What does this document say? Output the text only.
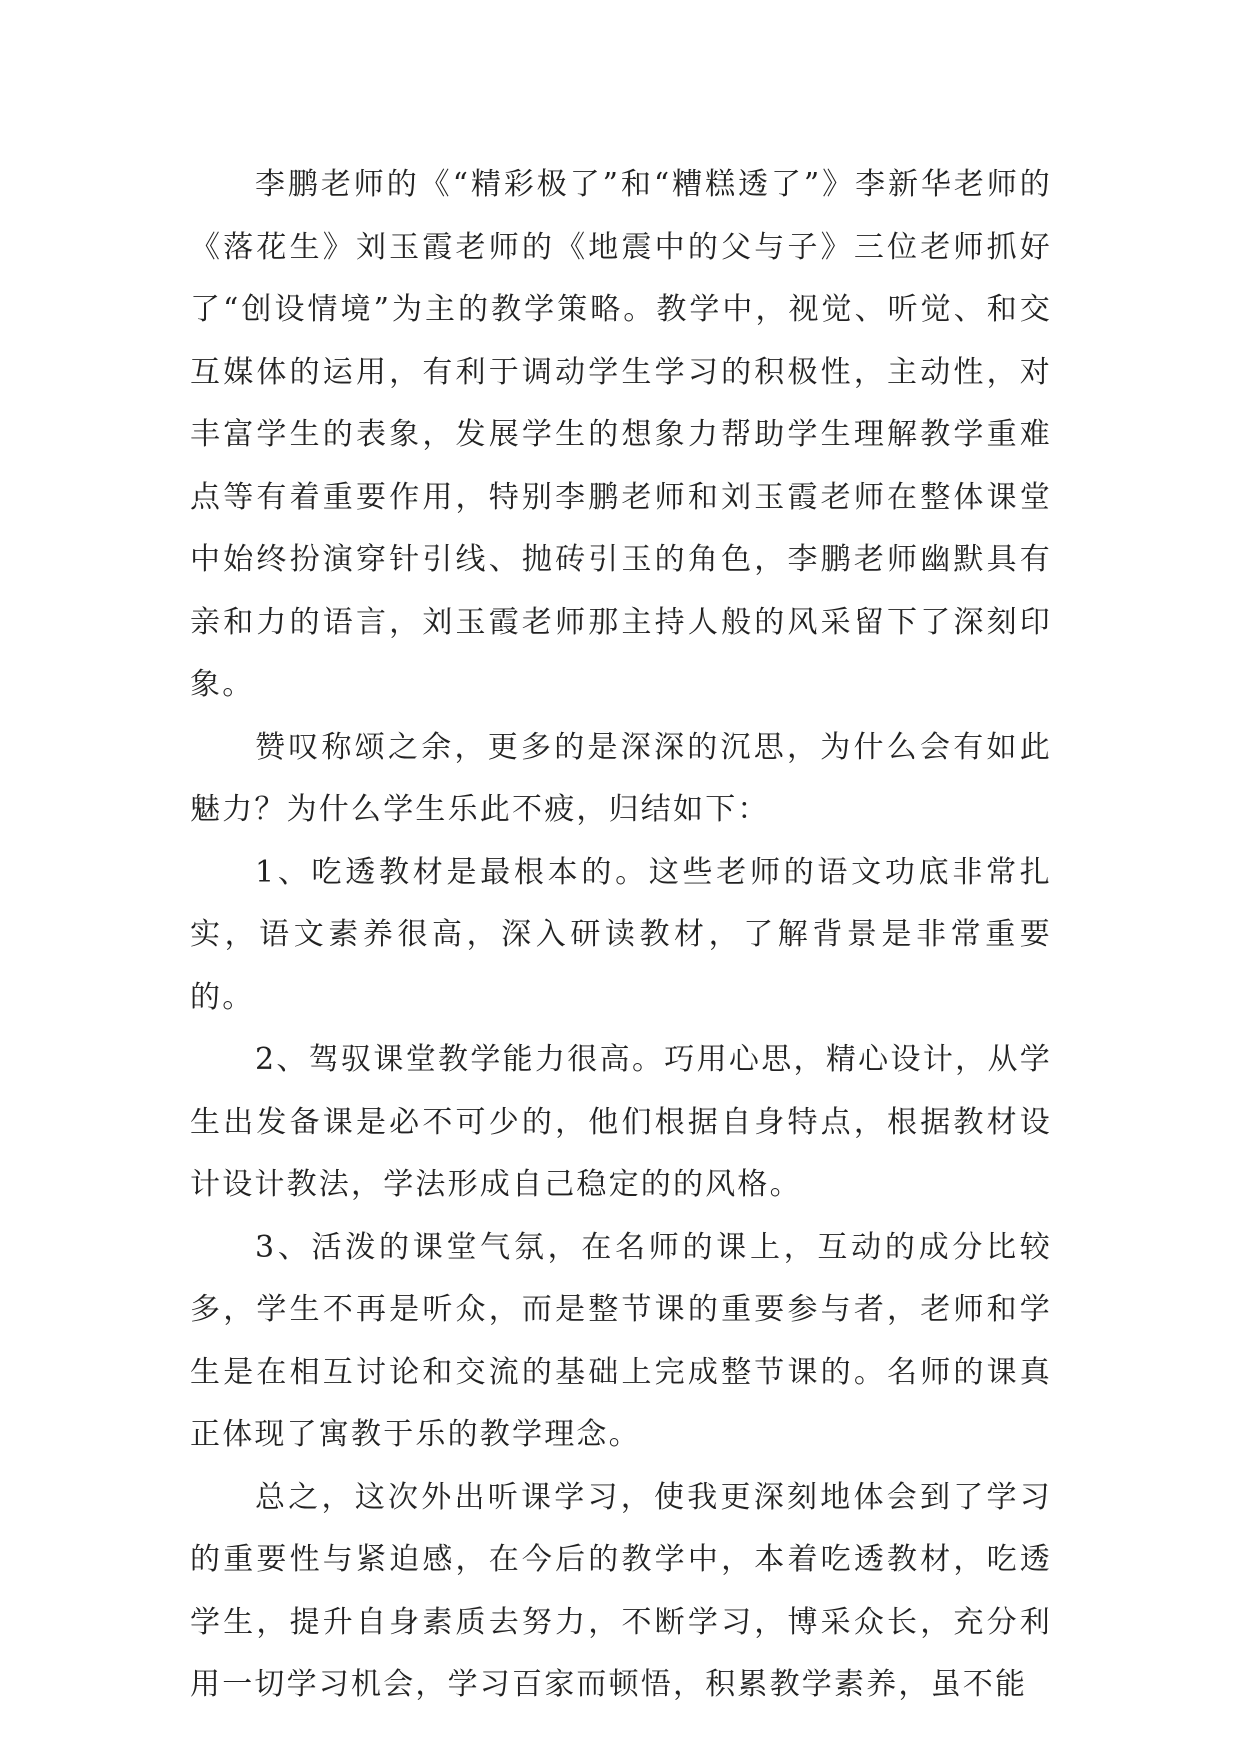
李鹏老师的《“精彩极了”和“糟糕透了”》李新华老师的《落花生》刘玉霞老师的《地震中的父与子》三位老师抓好了“创设情境”为主的教学策略。教学中，视觉、听觉、和交互媒体的运用，有利于调动学生学习的积极性，主动性，对丰富学生的表象，发展学生的想象力帮助学生理解教学重难点等有着重要作用，特别李鹏老师和刘玉霞老师在整体课堂中始终扮演穿针引线、抛砖引玉的角色，李鹏老师幽默具有亲和力的语言，刘玉霞老师那主持人般的风采留下了深刻印象。

赞叹称颂之余，更多的是深深的沉思，为什么会有如此魅力？为什么学生乐此不疲，归结如下：

1、吃透教材是最根本的。这些老师的语文功底非常扎实，语文素养很高，深入研读教材，了解背景是非常重要的。

2、驾驭课堂教学能力很高。巧用心思，精心设计，从学生出发备课是必不可少的，他们根据自身特点，根据教材设计设计教法，学法形成自己稳定的的风格。

3、活泼的课堂气氛，在名师的课上，互动的成分比较多，学生不再是听众，而是整节课的重要参与者，老师和学生是在相互讨论和交流的基础上完成整节课的。名师的课真正体现了寓教于乐的教学理念。

总之，这次外出听课学习，使我更深刻地体会到了学习的重要性与紧迫感，在今后的教学中，本着吃透教材，吃透学生，提升自身素质去努力，不断学习，博采众长，充分利用一切学习机会，学习百家而顿悟，积累教学素养，虽不能
